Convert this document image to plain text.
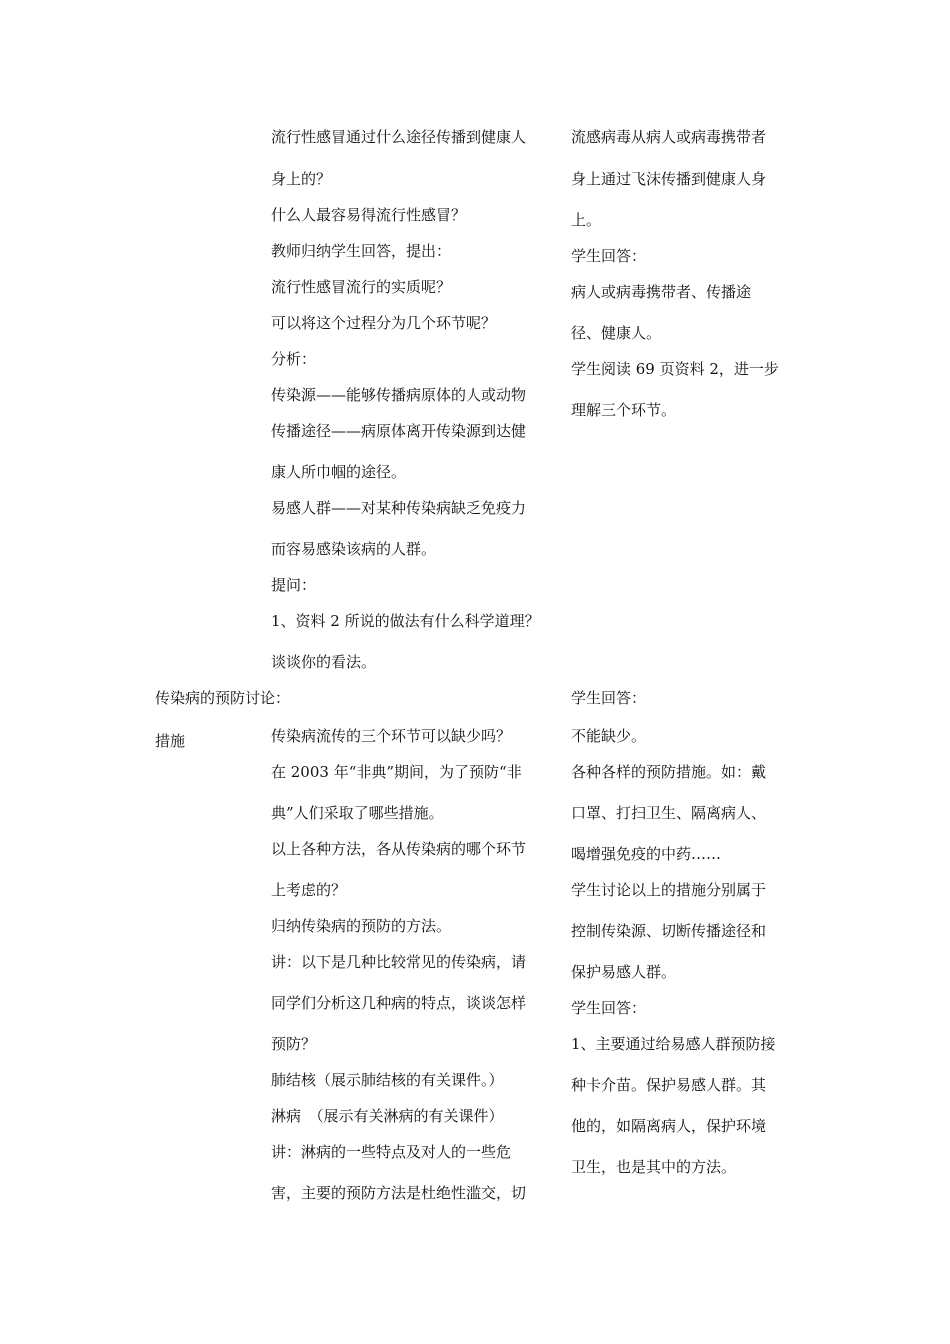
传染病的预防讨论：
措施
流行性感冒通过什么途径传播到健康人
身上的？
什么人最容易得流行性感冒？
教师归纳学生回答，提出：
流行性感冒流行的实质呢？
可以将这个过程分为几个环节呢？
分析：
传染源——能够传播病原体的人或动物
传播途径——病原体离开传染源到达健
康人所巾帼的途径。
易感人群——对某种传染病缺乏免疫力
而容易感染该病的人群。
提问：
1、资料 2 所说的做法有什么科学道理？
谈谈你的看法。
传染病流传的三个环节可以缺少吗？
在 2003 年“非典”期间，为了预防“非
典”人们采取了哪些措施。
以上各种方法，各从传染病的哪个环节
上考虑的？
归纳传染病的预防的方法。
讲：以下是几种比较常见的传染病，请
同学们分析这几种病的特点，谈谈怎样
预防？
肺结核（展示肺结核的有关课件。）
淋病　（展示有关淋病的有关课件）
讲：淋病的一些特点及对人的一些危
害，主要的预防方法是杜绝性滥交，切
流感病毒从病人或病毒携带者
身上通过飞沫传播到健康人身
上。
学生回答：
病人或病毒携带者、传播途
径、健康人。
学生阅读 69 页资料 2，进一步
理解三个环节。
学生回答：
不能缺少。
各种各样的预防措施。如：戴
口罩、打扫卫生、隔离病人、
喝增强免疫的中药……
学生讨论以上的措施分别属于
控制传染源、切断传播途径和
保护易感人群。
学生回答：
1、主要通过给易感人群预防接
种卡介苗。保护易感人群。其
他的，如隔离病人，保护环境
卫生，也是其中的方法。
